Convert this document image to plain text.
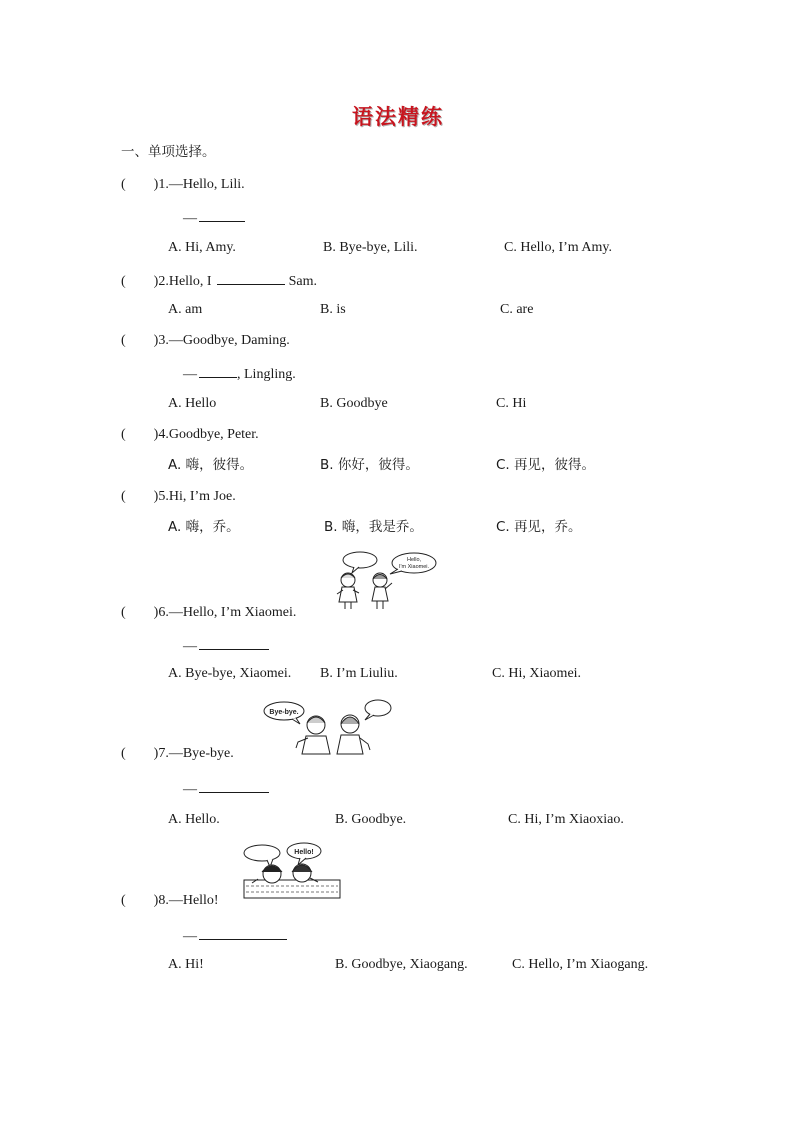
语法精练
一、单项选择。
(　　)1.—Hello, Lili.
—
A. Hi, Amy.	B. Bye-bye, Lili.	C. Hello, I’m Amy.
(　　)2.Hello, I	Sam.
A. am	B. is	C. are
(　　)3.—Goodbye, Daming.
—	, Lingling.
A. Hello	B. Goodbye	C. Hi
(　　)4.Goodbye, Peter.
A. 嗨，彼得。	B. 你好，彼得。	C. 再见，彼得。
(　　)5.Hi, I’m Joe.
A. 嗨，乔。	B. 嗨，我是乔。	C. 再见，乔。
Hello,
I'm Xiaomei.
(　　)6.—Hello, I’m Xiaomei.
—
A. Bye-bye, Xiaomei. B. I’m Liuliu.	C. Hi, Xiaomei.
Bye-bye.
(　　)7.—Bye-bye.
—
A. Hello.	B. Goodbye.	C. Hi, I’m Xiaoxiao.
Hello!
(　　)8.—Hello!
—
A. Hi!	B. Goodbye, Xiaogang.	C. Hello, I’m Xiaogang.
